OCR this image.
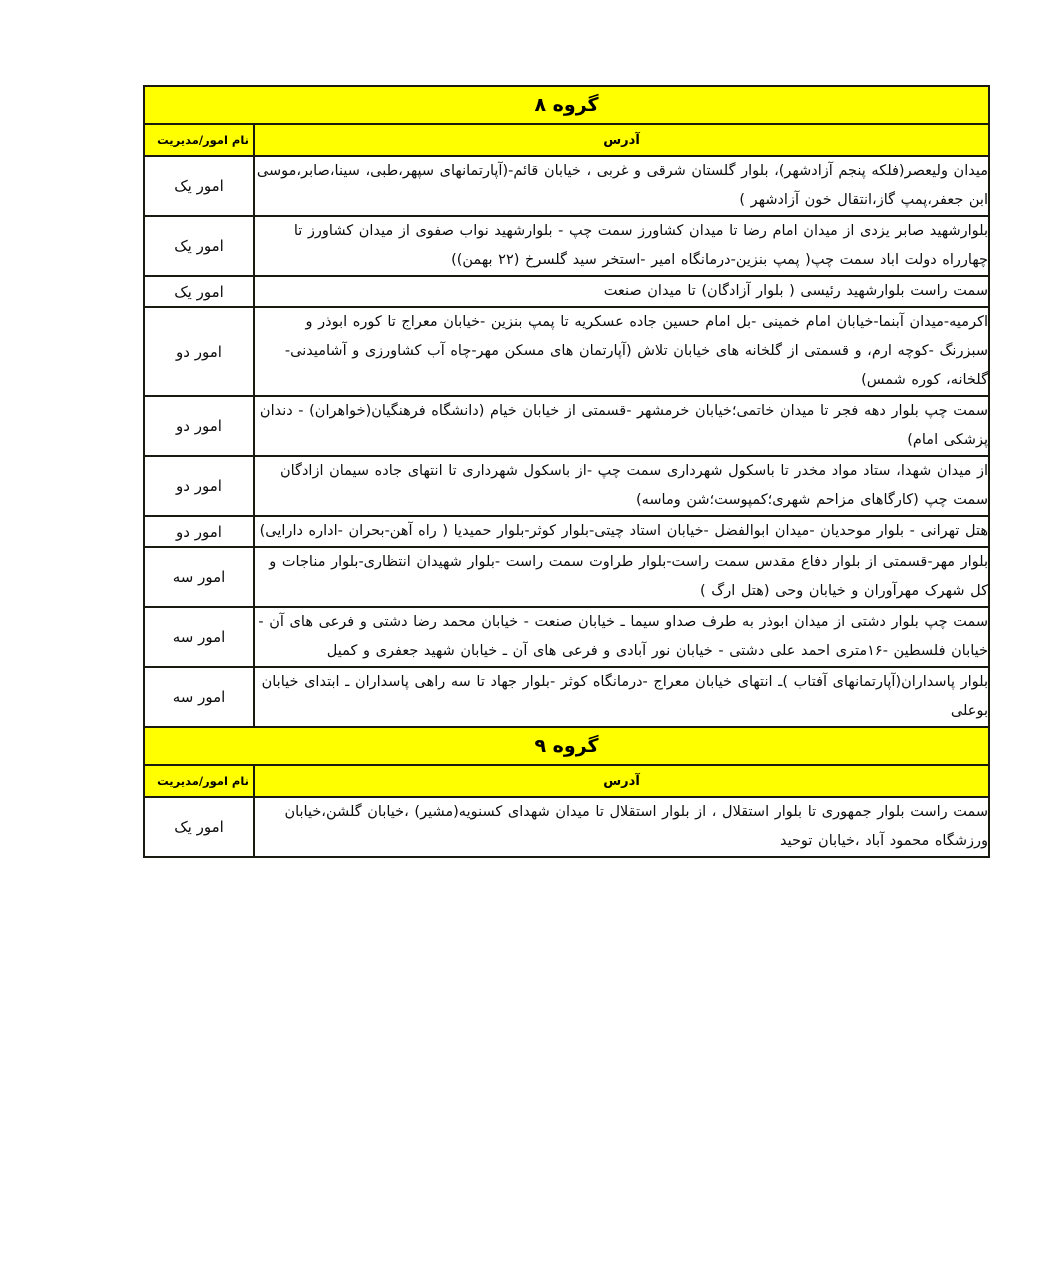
گروه ۸	
آدرس	نام امور/مدیریت
میدان ولیعصر(فلکه پنجم آزادشهر)، بلوار گلستان شرقی و غربی ، خیابان قائم-(آپارتمانهای سپهر،طبی، سینا،صابر،موسی ابن جعفر،پمپ گاز،انتقال خون آزادشهر )	امور یک
بلوارشهید صابر یزدی از میدان امام رضا تا میدان کشاورز سمت چپ - بلوارشهید نواب صفوی از میدان کشاورز تا چهارراه دولت اباد سمت چپ( پمپ بنزین-درمانگاه امیر -استخر سید گلسرخ (۲۲ بهمن))	امور یک
سمت راست بلوارشهید رئیسی ( بلوار آزادگان) تا میدان صنعت	امور یک
اکرمیه-میدان آبنما-خیابان امام خمینی -بل امام حسین جاده عسکریه تا پمپ بنزین -خیابان معراج تا کوره ابوذر و سبزرنگ -کوچه ارم، و قسمتی از گلخانه های خیابان تلاش (آپارتمان های مسکن مهر-چاه آب کشاورزی و آشامیدنی-گلخانه، کوره شمس)	امور دو
سمت چپ بلوار دهه فجر تا میدان خاتمی؛خیابان خرمشهر -قسمتی از خیابان خیام (دانشگاه فرهنگیان(خواهران) - دندان پزشکی امام)	امور دو
از میدان شهدا، ستاد مواد مخدر تا باسکول شهرداری سمت چپ -از باسکول شهرداری تا انتهای جاده سیمان ازادگان سمت چپ (کارگاهای مزاحم شهری؛کمپوست؛شن وماسه)	امور دو
هتل تهرانی - بلوار موحدیان -میدان ابوالفضل -خیابان استاد چیتی-بلوار کوثر-بلوار حمیدیا ( راه آهن-بحران -اداره دارایی)	امور دو
بلوار مهر-قسمتی از بلوار دفاع مقدس سمت راست-بلوار طراوت سمت راست -بلوار شهیدان انتظاری-بلوار مناجات و کل شهرک مهرآوران و خیابان وحی (هتل ارگ )	امور سه
سمت چپ بلوار دشتی از میدان ابوذر به طرف صداو سیما ـ خیابان صنعت - خیابان محمد رضا دشتی و فرعی های آن - خیابان فلسطین -۱۶متری احمد علی دشتی - خیابان نور آبادی و فرعی های آن ـ خیابان شهید جعفری و کمیل	امور سه
بلوار پاسداران(آپارتمانهای آفتاب )ـ انتهای خیابان معراج -درمانگاه کوثر -بلوار جهاد تا سه راهی پاسداران ـ ابتدای خیابان بوعلی	امور سه
گروه ۹	
آدرس	نام امور/مدیریت
سمت راست بلوار جمهوری تا بلوار استقلال ، از بلوار استقلال تا میدان شهدای کسنویه(مشیر) ،خیابان گلشن،خیابان ورزشگاه محمود آباد ،خیابان توحید	امور یک
